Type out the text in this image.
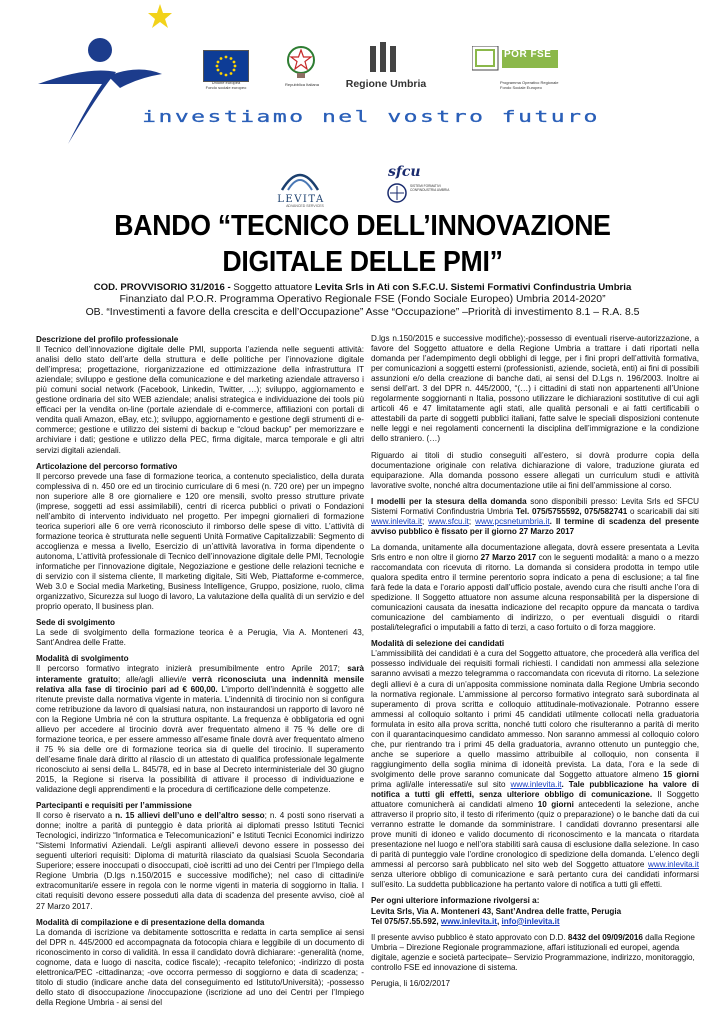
Unione europea
Fondo sociale europeo
Repubblica Italiana	Regione Umbria
POR FSE
Programma Operativo Regionale
Fondo Sociale Europeo
investiamo nel vostro futuro
LEVITA
ADVANCED SERVICES
sfcu
SISTEMI FORMATIVI CONFINDUSTRIA UMBRIA
BANDO “TECNICO DELL’INNOVAZIONE
DIGITALE DELLE PMI”
COD. PROVVISORIO 31/2016 - Soggetto attuatore Levita Srls in Ati con S.F.C.U. Sistemi Formativi Confindustria Umbria
Finanziato dal P.O.R. Programma Operativo Regionale FSE (Fondo Sociale Europeo) Umbria 2014-2020”
OB. “Investimenti a favore della crescita e dell’Occupazione” Asse “Occupazione” –Priorità di investimento 8.1 – R.A. 8.5
Descrizione del profilo professionale
Il Tecnico dell’innovazione digitale delle PMI, supporta l’azienda nelle seguenti attività: analisi dello stato dell’arte della struttura e delle politiche per l’innovazione digitale dell’impresa; progettazione, riorganizzazione ed ottimizzazione della infrastruttura IT aziendale; sviluppo e gestione della comunicazione e del marketing aziendale attraverso i più comuni social network (Facebook, Linkedin, Twitter, …); sviluppo, aggiornamento e gestione ordinaria del sito WEB aziendale; analisi strategica e individuazione dei tools più efficaci per la vendita on-line (portale aziendale di e-commerce, affiliazioni con portali di vendita quali Amazon, eBay, etc.); sviluppo, aggiornamento e gestione degli strumenti di e-commerce; gestione e utilizzo dei sistemi di backup e “cloud backup” per memorizzare e archiviare i dati; gestione e utilizzo della PEC, firma digitale, marca temporale e gli altri servizi digitali aziendali.
Articolazione del percorso formativo
Il percorso prevede una fase di formazione teorica, a contenuto specialistico, della durata complessiva di n. 450 ore ed un tirocinio curriculare di 6 mesi (n. 720 ore) per un impegno non superiore alle 8 ore giornaliere e 120 ore mensili, svolto presso strutture private (imprese, soggetti ad essi assimilabili), centri di ricerca pubblici o privati o Fondazioni nell’ambito di intervento individuato nel progetto. Per impegni giornalieri di formazione teorica superiori alle 6 ore verrà riconosciuto il rimborso delle spese di vitto. L’attività di formazione teorica è strutturata nelle seguenti Unità Formative Capitalizzabili: Segmento di accoglienza e messa a livello, Esercizio di un’attività lavorativa in forma dipendente o autonoma, L’attività professionale di Tecnico dell’innovazione digitale delle PMI, Tecnologie informatiche per l’innovazione digitale, Negoziazione e gestione delle relazioni tecniche e di servizio con il sistema cliente, Il marketing digitale, Siti Web, Piattaforme e-commerce, Web 3.0 e Social media Marketing, Business Intelligence, Gruppo, posizione, ruolo, clima organizzativo, Sicurezza sul luogo di lavoro, La valutazione della qualità di un servizio e del proprio operato, Il business plan.
Sede di svolgimento
La sede di svolgimento della formazione teorica è a Perugia, Via A. Monteneri 43, Sant’Andrea delle Fratte.
Modalità di svolgimento
Il percorso formativo integrato inizierà presumibilmente entro Aprile 2017; sarà interamente gratuito; alle/agli allievi/e verrà riconosciuta una indennità mensile relativa alla fase di tirocinio pari ad € 600,00. L’importo dell’indennità è soggetto alle ritenute previste dalla normativa vigente in materia. L’indennità di tirocinio non si configura come retribuzione da lavoro di qualsiasi natura, non instaurandosi un rapporto di lavoro né con la Regione Umbria né con la struttura ospitante. La frequenza è obbligatoria ed ogni allievo per accedere al tirocinio dovrà aver frequentato almeno il 75 % delle ore di formazione teorica, e per essere ammesso all’esame finale dovrà aver frequentato almeno il 75 % sia delle ore di formazione teorica sia di quelle del tirocinio. Il superamento dell’esame finale darà diritto al rilascio di un attestato di qualifica professionale legalmente riconosciuto ai sensi della L. 845/78, ed in base al Decreto interministeriale del 30 giugno 2015, la Regione si riserva la possibilità di attivare il processo di individuazione e validazione degli apprendimenti e la procedura di certificazione delle competenze.
Partecipanti e requisiti per l’ammissione
Il corso è riservato a n. 15 allievi dell’uno e dell’altro sesso; n. 4 posti sono riservati a donne; inoltre a parità di punteggio è data priorità ai diplomati presso Istituti Tecnici Tecnologici, indirizzo “Informatica e Telecomunicazioni” e Istituti Tecnici Economici indirizzo “Sistemi Informativi Aziendali. Le/gli aspiranti allieve/i devono essere in possesso dei seguenti ulteriori requisiti: Diploma di maturità rilasciato da qualsiasi Scuola Secondaria Superiore; essere inoccupati o disoccupati, cioè iscritti ad uno dei Centri per l’Impiego della Regione Umbria (D.lgs n.150/2015 e successive modifiche); nel caso di cittadini/e extracomunitari/e essere in regola con le norme vigenti in materia di soggiorno in Italia. I citati requisiti devono essere posseduti alla data di scadenza del presente avviso, cioè al 27 Marzo 2017.
Modalità di compilazione e di presentazione della domanda
La domanda di iscrizione va debitamente sottoscritta e redatta in carta semplice ai sensi del DPR n. 445/2000 ed accompagnata da fotocopia chiara e leggibile di un documento di riconoscimento in corso di validità. In essa il candidato dovrà dichiarare: -generalità (nome, cognome, data e luogo di nascita, codice fiscale); -recapito telefonico; -indirizzo di posta elettronica/PEC -cittadinanza; -ove occorra permesso di soggiorno e data di scadenza; -titolo di studio (indicare anche data del conseguimento ed Istituto/Università); -possesso dello stato di disoccupazione /inoccupazione (iscrizione ad uno dei Centri per l’Impiego della Regione Umbria - ai sensi del

D.lgs n.150/2015 e successive modifiche);-possesso di eventuali riserve-autorizzazione, a favore del Soggetto attuatore e della Regione Umbria a trattare i dati riportati nella domanda per l’adempimento degli obblighi di legge, per i fini propri dell’attività formativa, per comunicazioni a soggetti esterni (professionisti, aziende, società, enti) ai fini di possibili assunzioni e/o della creazione di banche dati, ai sensi del D.Lgs n. 196/2003. Inoltre ai sensi dell’art. 3 del DPR n. 445/2000, “(…) i cittadini di stati non appartenenti all’Unione regolarmente soggiornanti n Italia, possono utilizzare le dichiarazioni sostitutive di cui agli articoli 46 e 47 limitatamente agli stati, alle qualità personali e ai fatti certificabili o attestabili da parte di soggetti pubblici italiani, fatte salve le speciali disposizioni contenute nelle leggi e nei regolamenti concernenti la disciplina dell’immigrazione e la condizione dello straniero. (…)

Riguardo ai titoli di studio conseguiti all’estero, si dovrà produrre copia della documentazione originale con relativa dichiarazione di valore, traduzione giurata ed equiparazione. Alla domanda possono essere allegati un curriculum studi e attività lavorative svolte, nonché altra documentazione utile ai fini dell’ammissione al corso.

I modelli per la stesura della domanda sono disponibili presso: Levita Srls ed SFCU Sistemi Formativi Confindustria Umbria Tel. 075/5755592, 075/582741 o scaricabili dai siti www.inlevita.it; www.sfcu.it; www.pcsnetumbria.it. Il termine di scadenza del presente avviso pubblico è fissato per il giorno 27 Marzo 2017

La domanda, unitamente alla documentazione allegata, dovrà essere presentata a Levita Srls entro e non oltre il giorno 27 Marzo 2017 con le seguenti modalità: a mano o a mezzo raccomandata con ricevuta di ritorno. La domanda si considera prodotta in tempo utile qualora spedita entro il termine perentorio sopra indicato a pena di esclusione; a tal fine farà fede la data e l’orario apposti dall’ufficio postale, avendo cura che risulti anche l’ora di spedizione. Il Soggetto attuatore non assume alcuna responsabilità per la dispersione di comunicazioni causata da inesatta indicazione del recapito oppure da mancata o tardiva comunicazione del cambiamento di indirizzo, o per eventuali disguidi o ritardi postali/telegrafici o imputabili a fatto di terzi, a caso fortuito o di forza maggiore.

Modalità di selezione dei candidati
L’ammissibilità dei candidati è a cura del Soggetto attuatore, che procederà alla verifica del possesso individuale dei requisiti formali richiesti. I candidati non ammessi alla selezione saranno avvisati a mezzo telegramma o raccomandata con ricevuta di ritorno. La selezione degli allievi è a cura di un’apposita commissione nominata dalla Regione Umbria secondo la normativa regionale. L’ammissione al percorso formativo integrato sarà subordinata al superamento di prova scritta e colloquio attitudinale-motivazionale. Potranno essere ammessi al colloquio soltanto i primi 45 candidati utilmente collocati nella graduatoria formulata in esito alla prova scritta, nonché tutti coloro che risulteranno a parità di merito con il quarantacinquesimo candidato ammesso. Non saranno ammessi al colloquio coloro che, pur rientrando tra i primi 45 della graduatoria, avranno ottenuto un punteggio che, anche se superiore a quello massimo attribuibile al colloquio, non consenta il raggiungimento della soglia minima di idoneità prevista. La data, l’ora e la sede di svolgimento delle prove saranno comunicate dal Soggetto attuatore almeno 15 giorni prima agli/alle interessati/e sul sito www.inlevita.it. Tale pubblicazione ha valore di notifica a tutti gli effetti, senza ulteriore obbligo di comunicazione. Il Soggetto attuatore comunicherà ai candidati almeno 10 giorni antecedenti la selezione, anche attraverso il proprio sito, il testo di riferimento (quiz o preparazione) o le banche dati da cui verranno estratte le domande da somministrare. I candidati dovranno presentarsi alle prove muniti di idoneo e valido documento di riconoscimento e la mancata o ritardata presentazione nel luogo e nell’ora stabiliti sarà causa di esclusione dalla selezione. In caso di parità di punteggio vale l’ordine cronologico di spedizione della domanda. L’elenco degli ammessi al percorso sarà pubblicato nel sito web del Soggetto attuatore www.inlevita.it senza ulteriore obbligo di comunicazione e sarà pertanto cura dei candidati informarsi sull’esito. La suddetta pubblicazione ha pertanto valore di notifica a tutti gli effetti.
Per ogni ulteriore informazione rivolgersi a:
Levita Srls, Via A. Monteneri 43, Sant’Andrea delle fratte, Perugia
Tel 075/57.55.592, www.inlevita.it, info@inlevita.it

Il presente avviso pubblico è stato approvato con D.D. 8432 del 09/09/2016 dalla Regione Umbria – Direzione Regionale programmazione, affari istituzionali ed europei, agenda digitale, agenzie e società partecipate– Servizio Programmazione, indirizzo, monitoraggio, controllo FSE ed innovazione di sistema.

Perugia, li 16/02/2017
